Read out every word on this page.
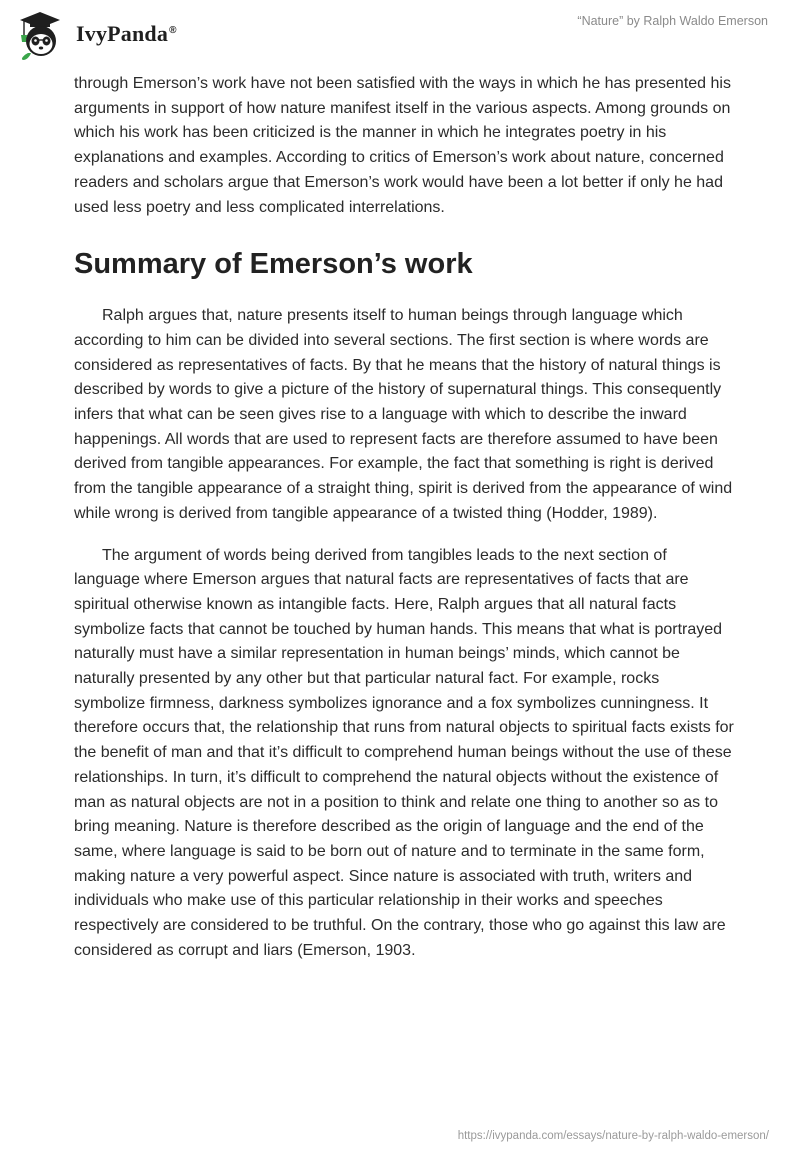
IvyPanda®
“Nature” by Ralph Waldo Emerson

through Emerson’s work have not been satisfied with the ways in which he has presented his arguments in support of how nature manifest itself in the various aspects. Among grounds on which his work has been criticized is the manner in which he integrates poetry in his explanations and examples. According to critics of Emerson’s work about nature, concerned readers and scholars argue that Emerson’s work would have been a lot better if only he had used less poetry and less complicated interrelations.

Summary of Emerson’s work

Ralph argues that, nature presents itself to human beings through language which according to him can be divided into several sections. The first section is where words are considered as representatives of facts. By that he means that the history of natural things is described by words to give a picture of the history of supernatural things. This consequently infers that what can be seen gives rise to a language with which to describe the inward happenings. All words that are used to represent facts are therefore assumed to have been derived from tangible appearances. For example, the fact that something is right is derived from the tangible appearance of a straight thing, spirit is derived from the appearance of wind while wrong is derived from tangible appearance of a twisted thing (Hodder, 1989).

The argument of words being derived from tangibles leads to the next section of language where Emerson argues that natural facts are representatives of facts that are spiritual otherwise known as intangible facts. Here, Ralph argues that all natural facts symbolize facts that cannot be touched by human hands. This means that what is portrayed naturally must have a similar representation in human beings’ minds, which cannot be naturally presented by any other but that particular natural fact. For example, rocks symbolize firmness, darkness symbolizes ignorance and a fox symbolizes cunningness. It therefore occurs that, the relationship that runs from natural objects to spiritual facts exists for the benefit of man and that it’s difficult to comprehend human beings without the use of these relationships. In turn, it’s difficult to comprehend the natural objects without the existence of man as natural objects are not in a position to think and relate one thing to another so as to bring meaning. Nature is therefore described as the origin of language and the end of the same, where language is said to be born out of nature and to terminate in the same form, making nature a very powerful aspect. Since nature is associated with truth, writers and individuals who make use of this particular relationship in their works and speeches respectively are considered to be truthful. On the contrary, those who go against this law are considered as corrupt and liars (Emerson, 1903.

https://ivypanda.com/essays/nature-by-ralph-waldo-emerson/
